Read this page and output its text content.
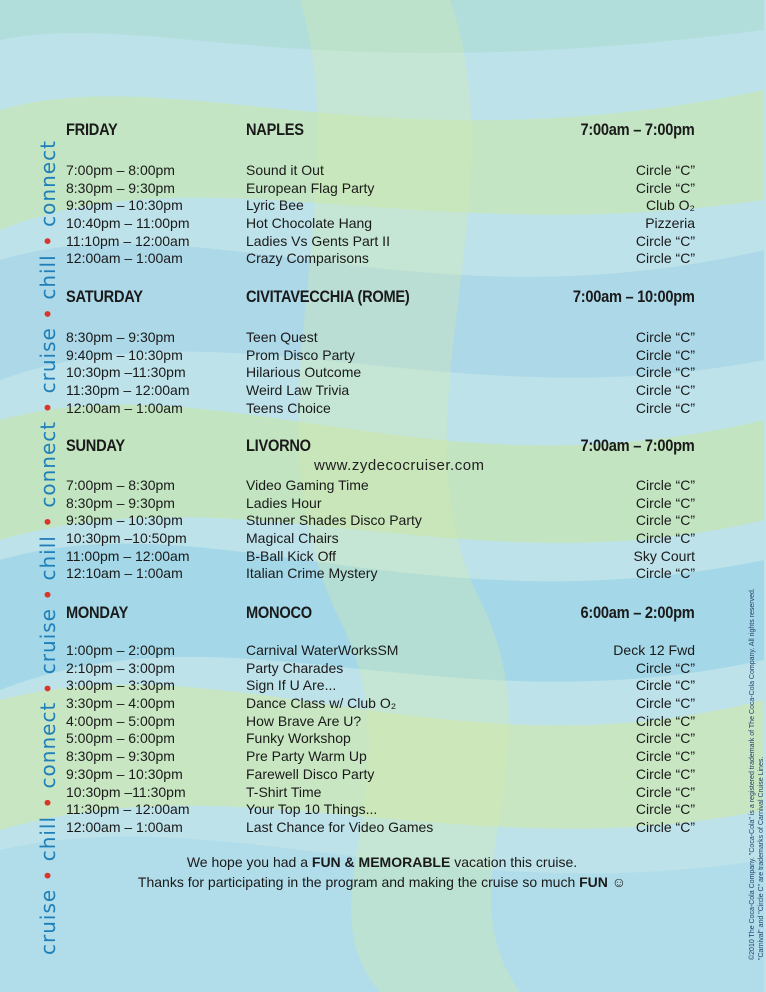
cruise • chill • connect • cruise • chill • connect • cruise • chill • connect
©2010 The Coca-Cola Company. "Coca-Cola" is a registered trademark of The Coca-Cola Company. All rights reserved. "Carnival" and "Circle C" are trademarks of Carnival Cruise Lines.
www.zydecocruiser.com
FRIDAY	NAPLES	7:00am – 7:00pm
7:00pm – 8:00pm	Sound it Out	Circle “C”
8:30pm – 9:30pm	European Flag Party	Circle “C”
9:30pm – 10:30pm	Lyric Bee	Club O₂
10:40pm – 11:00pm	Hot Chocolate Hang	Pizzeria
11:10pm – 12:00am	Ladies Vs Gents Part II	Circle “C”
12:00am – 1:00am	Crazy Comparisons	Circle “C”
SATURDAY	CIVITAVECCHIA (ROME)	7:00am – 10:00pm
8:30pm – 9:30pm	Teen Quest	Circle “C”
9:40pm – 10:30pm	Prom Disco Party	Circle “C”
10:30pm –11:30pm	Hilarious Outcome	Circle “C”
11:30pm – 12:00am	Weird Law Trivia	Circle “C”
12:00am – 1:00am	Teens Choice	Circle “C”
SUNDAY	LIVORNO	7:00am – 7:00pm
7:00pm – 8:30pm	Video Gaming Time	Circle “C”
8:30pm – 9:30pm	Ladies Hour	Circle “C”
9:30pm – 10:30pm	Stunner Shades Disco Party	Circle “C”
10:30pm –10:50pm	Magical Chairs	Circle “C”
11:00pm – 12:00am	B-Ball Kick Off	Sky Court
12:10am – 1:00am	Italian Crime Mystery	Circle “C”
MONDAY	MONOCO	6:00am – 2:00pm
1:00pm – 2:00pm	Carnival WaterWorksSM	Deck 12 Fwd
2:10pm – 3:00pm	Party Charades	Circle “C”
3:00pm – 3:30pm	Sign If U Are...	Circle “C”
3:30pm – 4:00pm	Dance Class w/ Club O₂	Circle “C”
4:00pm – 5:00pm	How Brave Are U?	Circle “C”
5:00pm – 6:00pm	Funky Workshop	Circle “C”
8:30pm – 9:30pm	Pre Party Warm Up	Circle “C”
9:30pm – 10:30pm	Farewell Disco Party	Circle “C”
10:30pm –11:30pm	T-Shirt Time	Circle “C”
11:30pm – 12:00am	Your Top 10 Things...	Circle “C”
12:00am – 1:00am	Last Chance for Video Games	Circle “C”
We hope you had a FUN & MEMORABLE vacation this cruise.
Thanks for participating in the program and making the cruise so much FUN ☺
